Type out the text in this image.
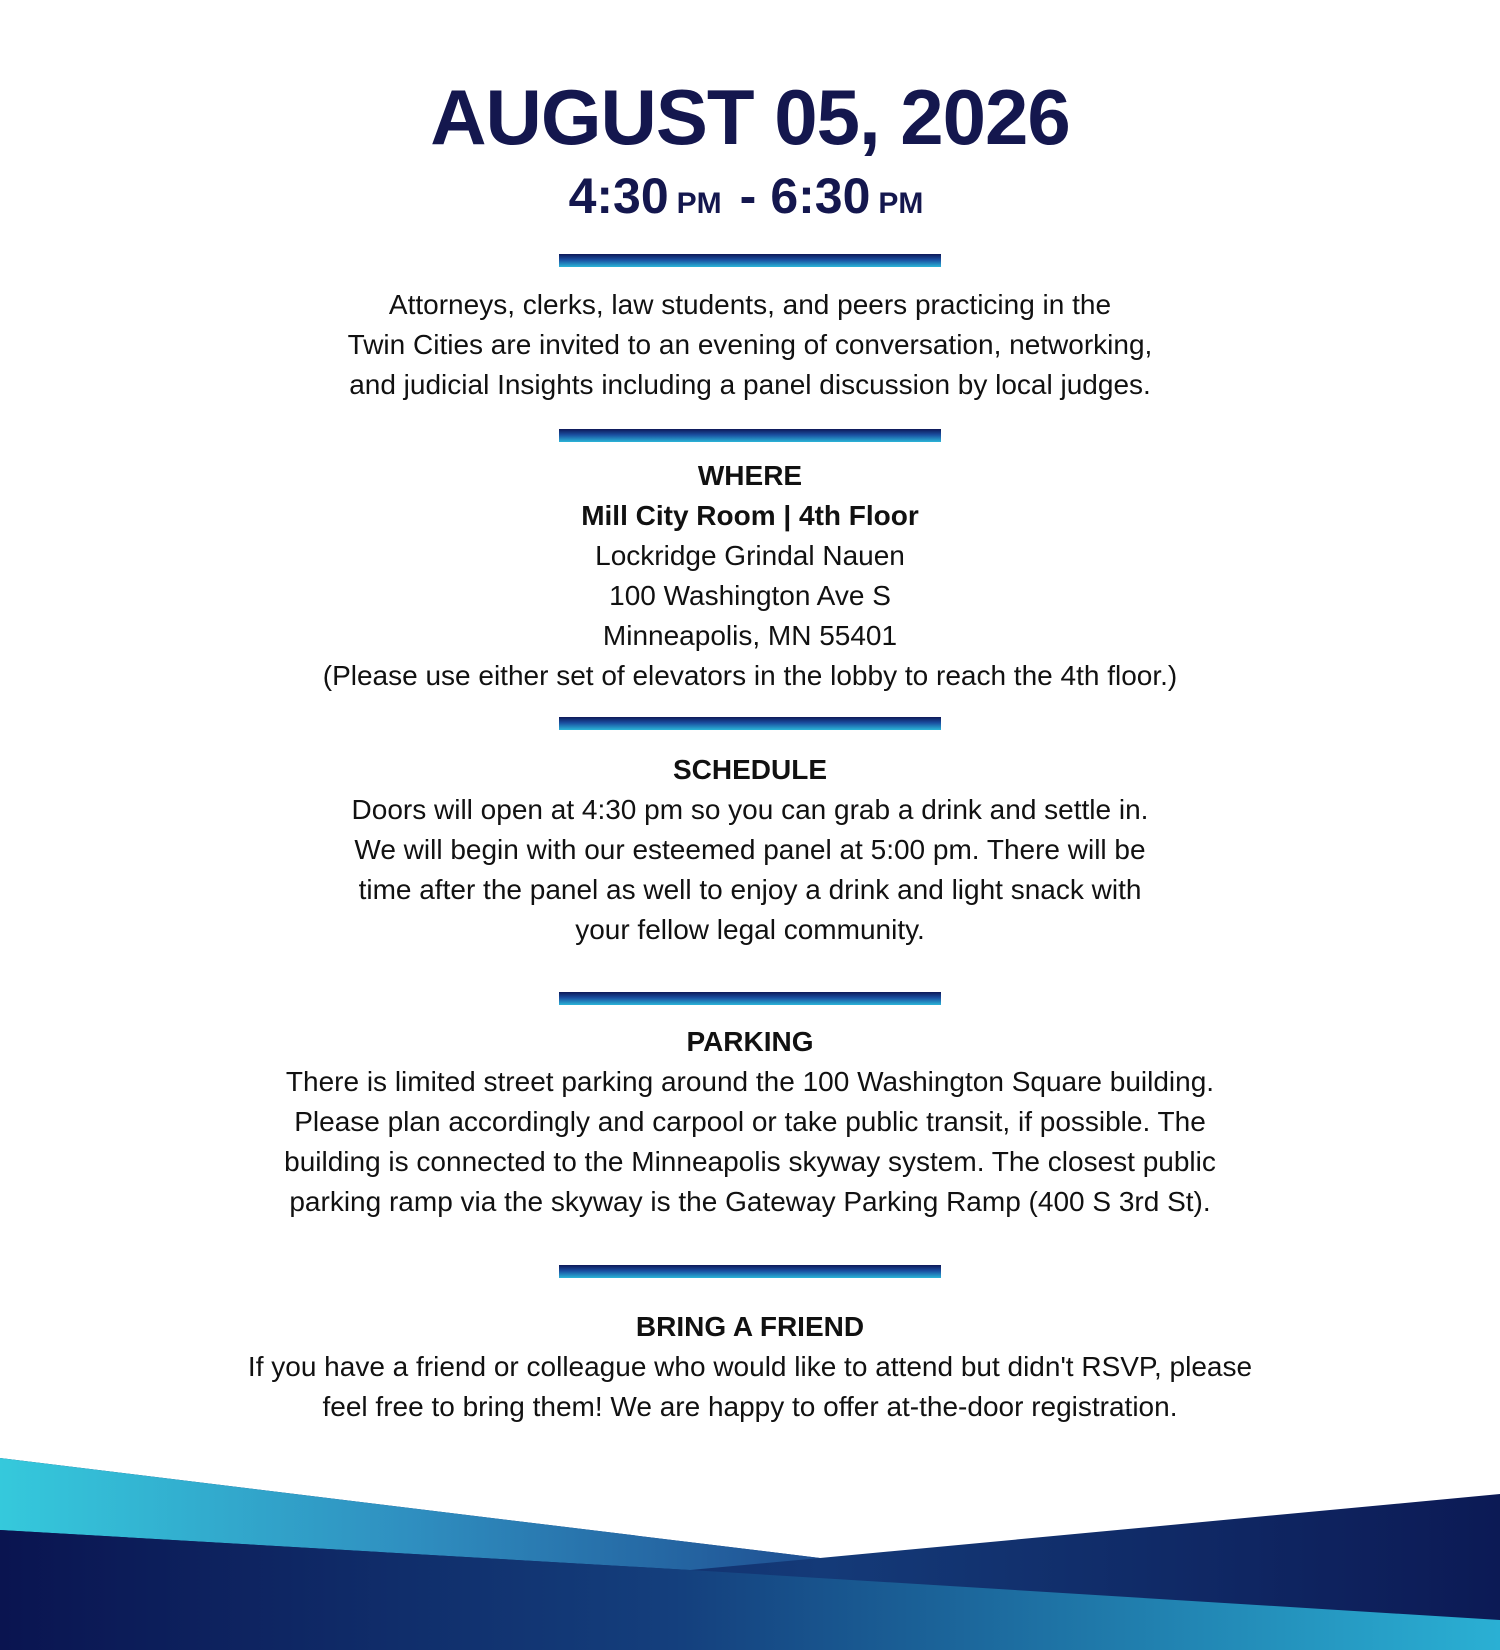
AUGUST 05, 2026
4:30 PM - 6:30 PM
Attorneys, clerks, law students, and peers practicing in the
Twin Cities are invited to an evening of conversation, networking,
and judicial Insights including a panel discussion by local judges.
WHERE
Mill City Room | 4th Floor
Lockridge Grindal Nauen
100 Washington Ave S
Minneapolis, MN 55401
(Please use either set of elevators in the lobby to reach the 4th floor.)
SCHEDULE
Doors will open at 4:30 pm so you can grab a drink and settle in.
We will begin with our esteemed panel at 5:00 pm. There will be
time after the panel as well to enjoy a drink and light snack with
your fellow legal community.
PARKING
There is limited street parking around the 100 Washington Square building.
Please plan accordingly and carpool or take public transit, if possible. The
building is connected to the Minneapolis skyway system. The closest public
parking ramp via the skyway is the Gateway Parking Ramp (400 S 3rd St).
BRING A FRIEND
If you have a friend or colleague who would like to attend but didn't RSVP, please
feel free to bring them! We are happy to offer at-the-door registration.
